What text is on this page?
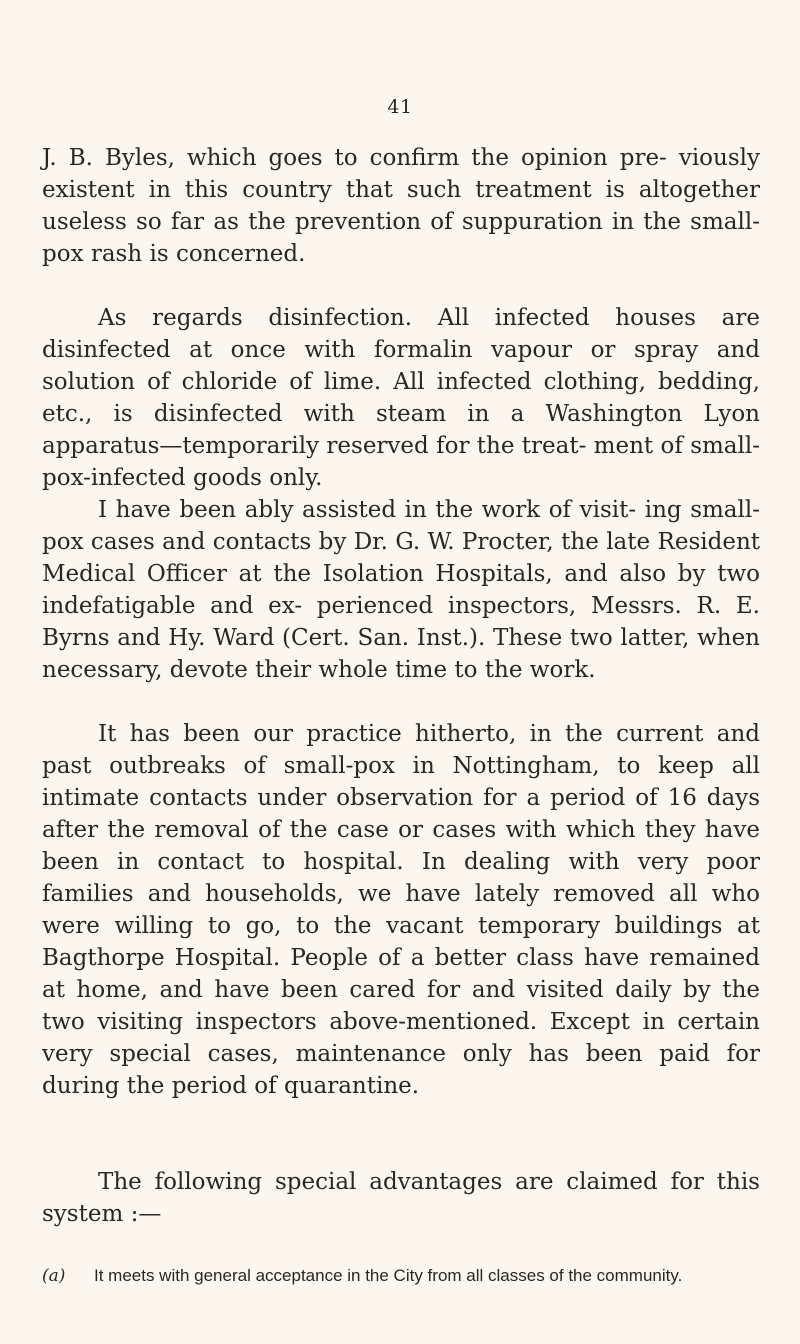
41

J. B. Byles, which goes to confirm the opinion pre- viously existent in this country that such treatment is altogether useless so far as the prevention of suppuration in the small-pox rash is concerned.

As regards disinfection. All infected houses are disinfected at once with formalin vapour or spray and solution of chloride of lime. All infected clothing, bedding, etc., is disinfected with steam in a Washington Lyon apparatus—temporarily reserved for the treat- ment of small-pox-infected goods only.

I have been ably assisted in the work of visit- ing small-pox cases and contacts by Dr. G. W. Procter, the late Resident Medical Officer at the Isolation Hospitals, and also by two indefatigable and ex- perienced inspectors, Messrs. R. E. Byrns and Hy. Ward (Cert. San. Inst.). These two latter, when necessary, devote their whole time to the work.

It has been our practice hitherto, in the current and past outbreaks of small-pox in Nottingham, to keep all intimate contacts under observation for a period of 16 days after the removal of the case or cases with which they have been in contact to hospital. In dealing with very poor families and households, we have lately removed all who were willing to go, to the vacant temporary buildings at Bagthorpe Hospital. People of a better class have remained at home, and have been cared for and visited daily by the two visiting inspectors above-mentioned. Except in certain very special cases, maintenance only has been paid for during the period of quarantine.

The following special advantages are claimed for this system :—

(a) It meets with general acceptance in the City from all classes of the community.
